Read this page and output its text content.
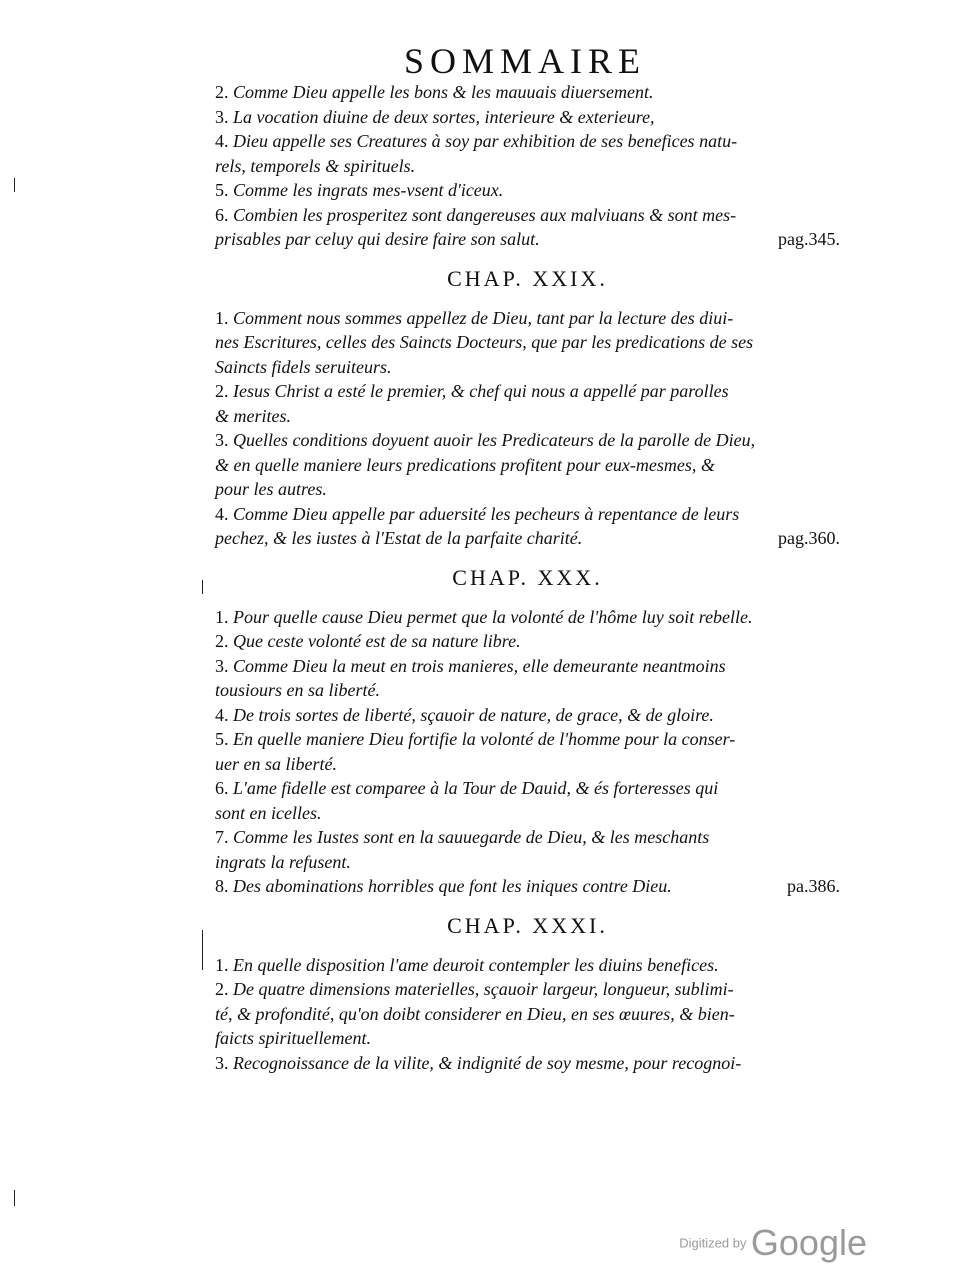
SOMMAIRE
2. Comme Dieu appelle les bons & les mauuais diuersement.
3. La vocation diuine de deux sortes, interieure & exterieure,
4. Dieu appelle ses Creatures à soy par exhibition de ses benefices natu-
rels, temporels & spirituels.
5. Comme les ingrats mes-vsent d'iceux.
6. Combien les prosperitez sont dangereuses aux malviuans & sont mes-
prisables par celuy qui desire faire son salut.	pag.345.
CHAP. XXIX.
1. Comment nous sommes appellez de Dieu, tant par la lecture des diui-
nes Escritures, celles des Saincts Docteurs, que par les predications de ses
Saincts fidels seruiteurs.
2. Iesus Christ a esté le premier, & chef qui nous a appellé par parolles
& merites.
3. Quelles conditions doyuent auoir les Predicateurs de la parolle de Dieu,
& en quelle maniere leurs predications profitent pour eux-mesmes, &
pour les autres.
4. Comme Dieu appelle par aduersité les pecheurs à repentance de leurs
pechez, & les iustes à l'Estat de la parfaite charité.	pag.360.
CHAP. XXX.
1. Pour quelle cause Dieu permet que la volonté de l'hôme luy soit rebelle.
2. Que ceste volonté est de sa nature libre.
3. Comme Dieu la meut en trois manieres, elle demeurante neantmoins
tousiours en sa liberté.
4. De trois sortes de liberté, sçauoir de nature, de grace, & de gloire.
5. En quelle maniere Dieu fortifie la volonté de l'homme pour la conser-
uer en sa liberté.
6. L'ame fidelle est comparee à la Tour de Dauid, & és forteresses qui
sont en icelles.
7. Comme les Iustes sont en la sauuegarde de Dieu, & les meschants
ingrats la refusent.
8. Des abominations horribles que font les iniques contre Dieu.	pa.386.
CHAP. XXXI.
1. En quelle disposition l'ame deuroit contempler les diuins benefices.
2. De quatre dimensions materielles, sçauoir largeur, longueur, sublimi-
té, & profondité, qu'on doibt considerer en Dieu, en ses œuures, & bien-
faicts spirituellement.
3. Recognoissance de la vilite, & indignité de soy mesme, pour recognoi-
Digitized by Google
